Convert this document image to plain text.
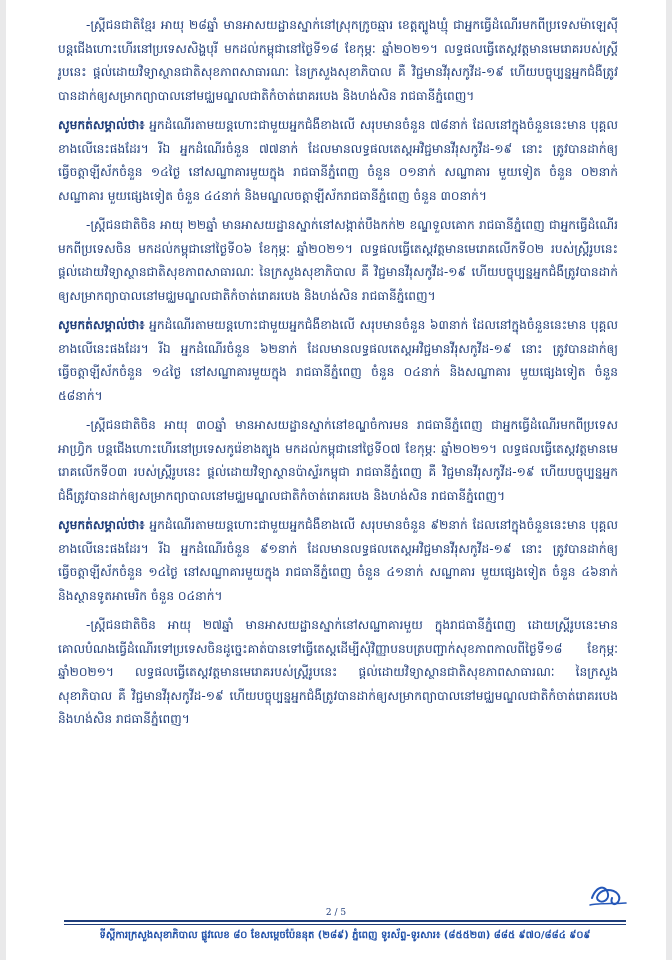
-ស្ត្រីជនជាតិខ្មែរ អាយុ ២៨ឆ្នាំ មានអាសយដ្ឋានស្នាក់នៅស្រុកក្រូចឆ្មារ ខេត្តត្បូងឃ្មុំ ជាអ្នកធ្វើដំណើរមកពីប្រទេសម៉ាឡេស៊ី បន្តជើងហោះហើរនៅប្រទេសសិង្ហបុរី មកដល់កម្ពុជានៅថ្ងៃទី១៨ ខែកុម្ភៈ ឆ្នាំ២០២១។ លទ្ធផលធ្វើតេស្តវត្តមានមេរោគរបស់ស្ត្រីរូបនេះ ផ្តល់ដោយវិទ្យាស្ថានជាតិសុខភាពសាធារណៈ នៃក្រសួងសុខាភិបាល គឺ វិជ្ជមានវីរុសកូវីដ-១៩ ហើយបច្ចុប្បន្នអ្នកជំងឺត្រូវបានដាក់ឲ្យសម្រាកព្យាបាលនៅមជ្ឈមណ្ឌលជាតិកំចាត់រោគរបេង និងហង់សិន រាជធានីភ្នំពេញ។

សូមកត់សម្គាល់ថា៖ អ្នកដំណើរតាមយន្តហោះជាមួយអ្នកជំងឺខាងលើ សរុបមានចំនួន ៧៨នាក់ ដែលនៅក្នុងចំនួននេះមាន បុគ្គលខាងលើនេះផងដែរ។ រីឯ អ្នកដំណើរចំនួន ៧៧នាក់ ដែលមានលទ្ធផលតេស្តអវិជ្ជមានវីរុសកូវីដ-១៩ នោះ ត្រូវបានដាក់ឲ្យធ្វើចត្តាឡីស័កចំនួន ១៤ថ្ងៃ នៅសណ្ឋាគារមួយក្នុង រាជធានីភ្នំពេញ ចំនួន ០១នាក់ សណ្ឋាគារ មួយទៀត ចំនួន ០២នាក់ សណ្ឋាគារ មួយផ្សេងទៀត ចំនួន ៤៤នាក់ និងមណ្ឌលចត្តាឡីស័ករាជធានីភ្នំពេញ ចំនួន ៣០នាក់។

-ស្ត្រីជនជាតិចិន អាយុ ២២ឆ្នាំ មានអាសយដ្ឋានស្នាក់នៅសង្កាត់បឹងកក់២ ខណ្ឌទួលគោក រាជធានីភ្នំពេញ ជាអ្នកធ្វើដំណើរមកពីប្រទេសចិន មកដល់កម្ពុជានៅថ្ងៃទី០៦ ខែកុម្ភៈ ឆ្នាំ២០២១។ លទ្ធផលធ្វើតេស្តវត្តមានមេរោគលើកទី០២ របស់ស្ត្រីរូបនេះ ផ្តល់ដោយវិទ្យាស្ថានជាតិសុខភាពសាធារណៈ នៃក្រសួងសុខាភិបាល គឺ វិជ្ជមានវីរុសកូវីដ-១៩ ហើយបច្ចុប្បន្នអ្នកជំងឺត្រូវបានដាក់ឲ្យសម្រាកព្យាបាលនៅមជ្ឈមណ្ឌលជាតិកំចាត់រោគរបេង និងហង់សិន រាជធានីភ្នំពេញ។

សូមកត់សម្គាល់ថា៖ អ្នកដំណើរតាមយន្តហោះជាមួយអ្នកជំងឺខាងលើ សរុបមានចំនួន ៦៣នាក់ ដែលនៅក្នុងចំនួននេះមាន បុគ្គលខាងលើនេះផងដែរ។ រីឯ អ្នកដំណើរចំនួន ៦២នាក់ ដែលមានលទ្ធផលតេស្តអវិជ្ជមានវីរុសកូវីដ-១៩ នោះ ត្រូវបានដាក់ឲ្យធ្វើចត្តាឡីស័កចំនួន ១៤ថ្ងៃ នៅសណ្ឋាគារមួយក្នុង រាជធានីភ្នំពេញ ចំនួន ០៤នាក់ និងសណ្ឋាគារ មួយផ្សេងទៀត ចំនួន ៥៨នាក់។

-ស្ត្រីជនជាតិចិន អាយុ ៣០ឆ្នាំ មានអាសយដ្ឋានស្នាក់នៅខណ្ឌចំការមន រាជធានីភ្នំពេញ ជាអ្នកធ្វើដំណើរមកពីប្រទេសអាហ្វ្រិក បន្តជើងហោះហើរនៅប្រទេសកូរ៉េខាងត្បូង មកដល់កម្ពុជានៅថ្ងៃទី០៧ ខែកុម្ភៈ ឆ្នាំ២០២១។ លទ្ធផលធ្វើតេស្តវត្តមានមេរោគលើកទី០៣ របស់ស្ត្រីរូបនេះ ផ្តល់ដោយវិទ្យាស្ថានប៉ាស្ទ័រកម្ពុជា រាជធានីភ្នំពេញ គឺ វិជ្ជមានវីរុសកូវីដ-១៩ ហើយបច្ចុប្បន្នអ្នកជំងឺត្រូវបានដាក់ឲ្យសម្រាកព្យាបាលនៅមជ្ឈមណ្ឌលជាតិកំចាត់រោគរបេង និងហង់សិន រាជធានីភ្នំពេញ។

សូមកត់សម្គាល់ថា៖ អ្នកដំណើរតាមយន្តហោះជាមួយអ្នកជំងឺខាងលើ សរុបមានចំនួន ៩២នាក់ ដែលនៅក្នុងចំនួននេះមាន បុគ្គលខាងលើនេះផងដែរ។ រីឯ អ្នកដំណើរចំនួន ៩១នាក់ ដែលមានលទ្ធផលតេស្តអវិជ្ជមានវីរុសកូវីដ-១៩ នោះ ត្រូវបានដាក់ឲ្យធ្វើចត្តាឡីស័កចំនួន ១៤ថ្ងៃ នៅសណ្ឋាគារមួយក្នុង រាជធានីភ្នំពេញ ចំនួន ៤១នាក់ សណ្ឋាគារ មួយផ្សេងទៀត ចំនួន ៤៦នាក់ និងស្ថានទូតអាមេរិក ចំនួន ០៤នាក់។

-ស្ត្រីជនជាតិចិន អាយុ ២៧ឆ្នាំ មានអាសយដ្ឋានស្នាក់នៅសណ្ឋាគារមួយ ក្នុងរាជធានីភ្នំពេញ ដោយស្ត្រីរូបនេះមានគោលបំណងធ្វើដំណើរទៅប្រទេសចិនដូច្នេះគាត់បានទៅធ្វើតេស្តដើម្បីសុំវិញ្ញាបនបត្របញ្ជាក់សុខភាពកាលពីថ្ងៃទី១៨ ខែកុម្ភៈ ឆ្នាំ២០២១។ លទ្ធផលធ្វើតេស្តវត្តមានមេរោគរបស់ស្ត្រីរូបនេះ ផ្តល់ដោយវិទ្យាស្ថានជាតិសុខភាពសាធារណៈ នៃក្រសួងសុខាភិបាល គឺ វិជ្ជមានវីរុសកូវីដ-១៩ ហើយបច្ចុប្បន្នអ្នកជំងឺត្រូវបានដាក់ឲ្យសម្រាកព្យាបាលនៅមជ្ឈមណ្ឌលជាតិកំចាត់រោគរបេង និងហង់សិន រាជធានីភ្នំពេញ។

2 / 5
ទីស្តីការក្រសួងសុខាភិបាល ផ្លូវលេខ ៨០ ខែសម្ដេចប៉ែននុត (២៨៩) ភ្នំពេញ ទូរស័ព្ទ-ទូរសារ៖ (៨៥៥២៣) ៨៨៥ ៩៧០/៨៨៤ ៩០៩
